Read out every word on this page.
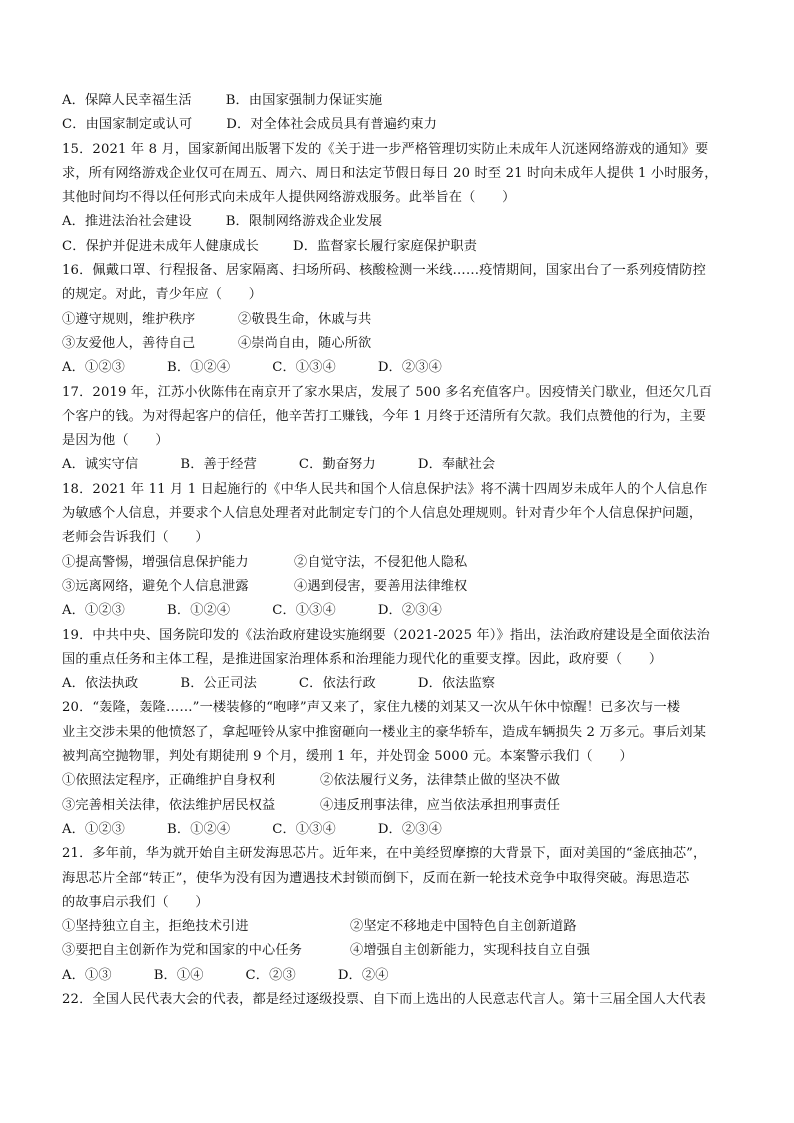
A．保障人民幸福生活	B．由国家强制力保证实施
C．由国家制定或认可	D．对全体社会成员具有普遍约束力
15．2021 年 8 月，国家新闻出版署下发的《关于进一步严格管理切实防止未成年人沉迷网络游戏的通知》要
求，所有网络游戏企业仅可在周五、周六、周日和法定节假日每日 20 时至 21 时向未成年人提供 1 小时服务，
其他时间均不得以任何形式向未成年人提供网络游戏服务。此举旨在（　　）
A．推进法治社会建设	B．限制网络游戏企业发展
C．保护并促进未成年人健康成长	D．监督家长履行家庭保护职责
16．佩戴口罩、行程报备、居家隔离、扫场所码、核酸检测一米线……疫情期间，国家出台了一系列疫情防控
的规定。对此，青少年应（　　）
①遵守规则，维护秩序	②敬畏生命，休戚与共
③友爱他人，善待自己	④崇尚自由，随心所欲
A．①②③	B．①②④	C．①③④	D．②③④
17．2019 年，江苏小伙陈伟在南京开了家水果店，发展了 500 多名充值客户。因疫情关门歇业，但还欠几百
个客户的钱。为对得起客户的信任，他辛苦打工赚钱，今年 1 月终于还清所有欠款。我们点赞他的行为，主要
是因为他（　　）
A．诚实守信	B．善于经营	C．勤奋努力	D．奉献社会
18．2021 年 11 月 1 日起施行的《中华人民共和国个人信息保护法》将不满十四周岁未成年人的个人信息作
为敏感个人信息，并要求个人信息处理者对此制定专门的个人信息处理规则。针对青少年个人信息保护问题，
老师会告诉我们（　　）
①提高警惕，增强信息保护能力	②自觉守法，不侵犯他人隐私
③远离网络，避免个人信息泄露	④遇到侵害，要善用法律维权
A．①②③	B．①②④	C．①③④	D．②③④
19．中共中央、国务院印发的《法治政府建设实施纲要（2021-2025 年）》指出，法治政府建设是全面依法治
国的重点任务和主体工程，是推进国家治理体系和治理能力现代化的重要支撑。因此，政府要（　　）
A．依法执政	B．公正司法	C．依法行政	D．依法监察
20．“轰隆，轰隆……”一楼装修的“咆哮”声又来了，家住九楼的刘某又一次从午休中惊醒！已多次与一楼
业主交涉未果的他愤怒了，拿起哑铃从家中推窗砸向一楼业主的豪华轿车，造成车辆损失 2 万多元。事后刘某
被判高空抛物罪，判处有期徒刑 9 个月，缓刑 1 年，并处罚金 5000 元。本案警示我们（　　）
①依照法定程序，正确维护自身权利	②依法履行义务，法律禁止做的坚决不做
③完善相关法律，依法维护居民权益	④违反刑事法律，应当依法承担刑事责任
A．①②③	B．①②④	C．①③④	D．②③④
21．多年前，华为就开始自主研发海思芯片。近年来，在中美经贸摩擦的大背景下，面对美国的“釜底抽芯”，
海思芯片全部“转正”，使华为没有因为遭遇技术封锁而倒下，反而在新一轮技术竞争中取得突破。海思造芯
的故事启示我们（　　）
①坚持独立自主，拒绝技术引进	②坚定不移地走中国特色自主创新道路
③要把自主创新作为党和国家的中心任务	④增强自主创新能力，实现科技自立自强
A．①③	B．①④	C．②③	D．②④
22．全国人民代表大会的代表，都是经过逐级投票、自下而上选出的人民意志代言人。第十三届全国人大代表
